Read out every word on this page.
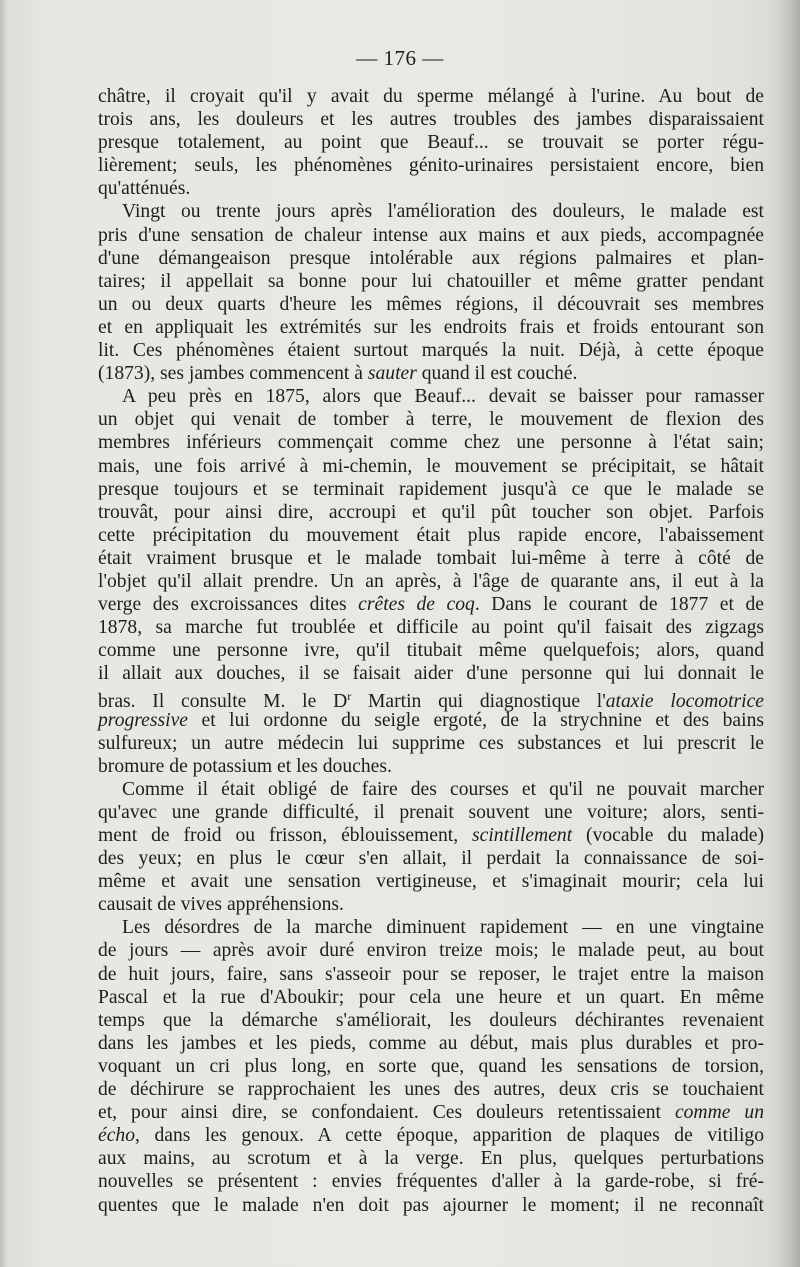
— 176 —
châtre, il croyait qu'il y avait du sperme mélangé à l'urine. Au bout de
trois ans, les douleurs et les autres troubles des jambes disparaissaient
presque totalement, au point que Beauf... se trouvait se porter régu-
lièrement; seuls, les phénomènes génito-urinaires persistaient encore, bien
qu'atténués.
Vingt ou trente jours après l'amélioration des douleurs, le malade est
pris d'une sensation de chaleur intense aux mains et aux pieds, accompagnée
d'une démangeaison presque intolérable aux régions palmaires et plan-
taires; il appellait sa bonne pour lui chatouiller et même gratter pendant
un ou deux quarts d'heure les mêmes régions, il découvrait ses membres
et en appliquait les extrémités sur les endroits frais et froids entourant son
lit. Ces phénomènes étaient surtout marqués la nuit. Déjà, à cette époque
(1873), ses jambes commencent à sauter quand il est couché.
A peu près en 1875, alors que Beauf... devait se baisser pour ramasser
un objet qui venait de tomber à terre, le mouvement de flexion des
membres inférieurs commençait comme chez une personne à l'état sain;
mais, une fois arrivé à mi-chemin, le mouvement se précipitait, se hâtait
presque toujours et se terminait rapidement jusqu'à ce que le malade se
trouvât, pour ainsi dire, accroupi et qu'il pût toucher son objet. Parfois
cette précipitation du mouvement était plus rapide encore, l'abaissement
était vraiment brusque et le malade tombait lui-même à terre à côté de
l'objet qu'il allait prendre. Un an après, à l'âge de quarante ans, il eut à la
verge des excroissances dites crêtes de coq. Dans le courant de 1877 et de
1878, sa marche fut troublée et difficile au point qu'il faisait des zigzags
comme une personne ivre, qu'il titubait même quelquefois; alors, quand
il allait aux douches, il se faisait aider d'une personne qui lui donnait le
bras. Il consulte M. le $D^r$ Martin qui diagnostique l'ataxie locomotrice
progressive et lui ordonne du seigle ergoté, de la strychnine et des bains
sulfureux; un autre médecin lui supprime ces substances et lui prescrit le
bromure de potassium et les douches.
Comme il était obligé de faire des courses et qu'il ne pouvait marcher
qu'avec une grande difficulté, il prenait souvent une voiture; alors, senti-
ment de froid ou frisson, éblouissement, scintillement (vocable du malade)
des yeux; en plus le cœur s'en allait, il perdait la connaissance de soi-
même et avait une sensation vertigineuse, et s'imaginait mourir; cela lui
causait de vives appréhensions.
Les désordres de la marche diminuent rapidement — en une vingtaine
de jours — après avoir duré environ treize mois; le malade peut, au bout
de huit jours, faire, sans s'asseoir pour se reposer, le trajet entre la maison
Pascal et la rue d'Aboukir; pour cela une heure et un quart. En même
temps que la démarche s'améliorait, les douleurs déchirantes revenaient
dans les jambes et les pieds, comme au début, mais plus durables et pro-
voquant un cri plus long, en sorte que, quand les sensations de torsion,
de déchirure se rapprochaient les unes des autres, deux cris se touchaient
et, pour ainsi dire, se confondaient. Ces douleurs retentissaient comme un
écho, dans les genoux. A cette époque, apparition de plaques de vitiligo
aux mains, au scrotum et à la verge. En plus, quelques perturbations
nouvelles se présentent : envies fréquentes d'aller à la garde-robe, si fré-
quentes que le malade n'en doit pas ajourner le moment; il ne reconnaît
